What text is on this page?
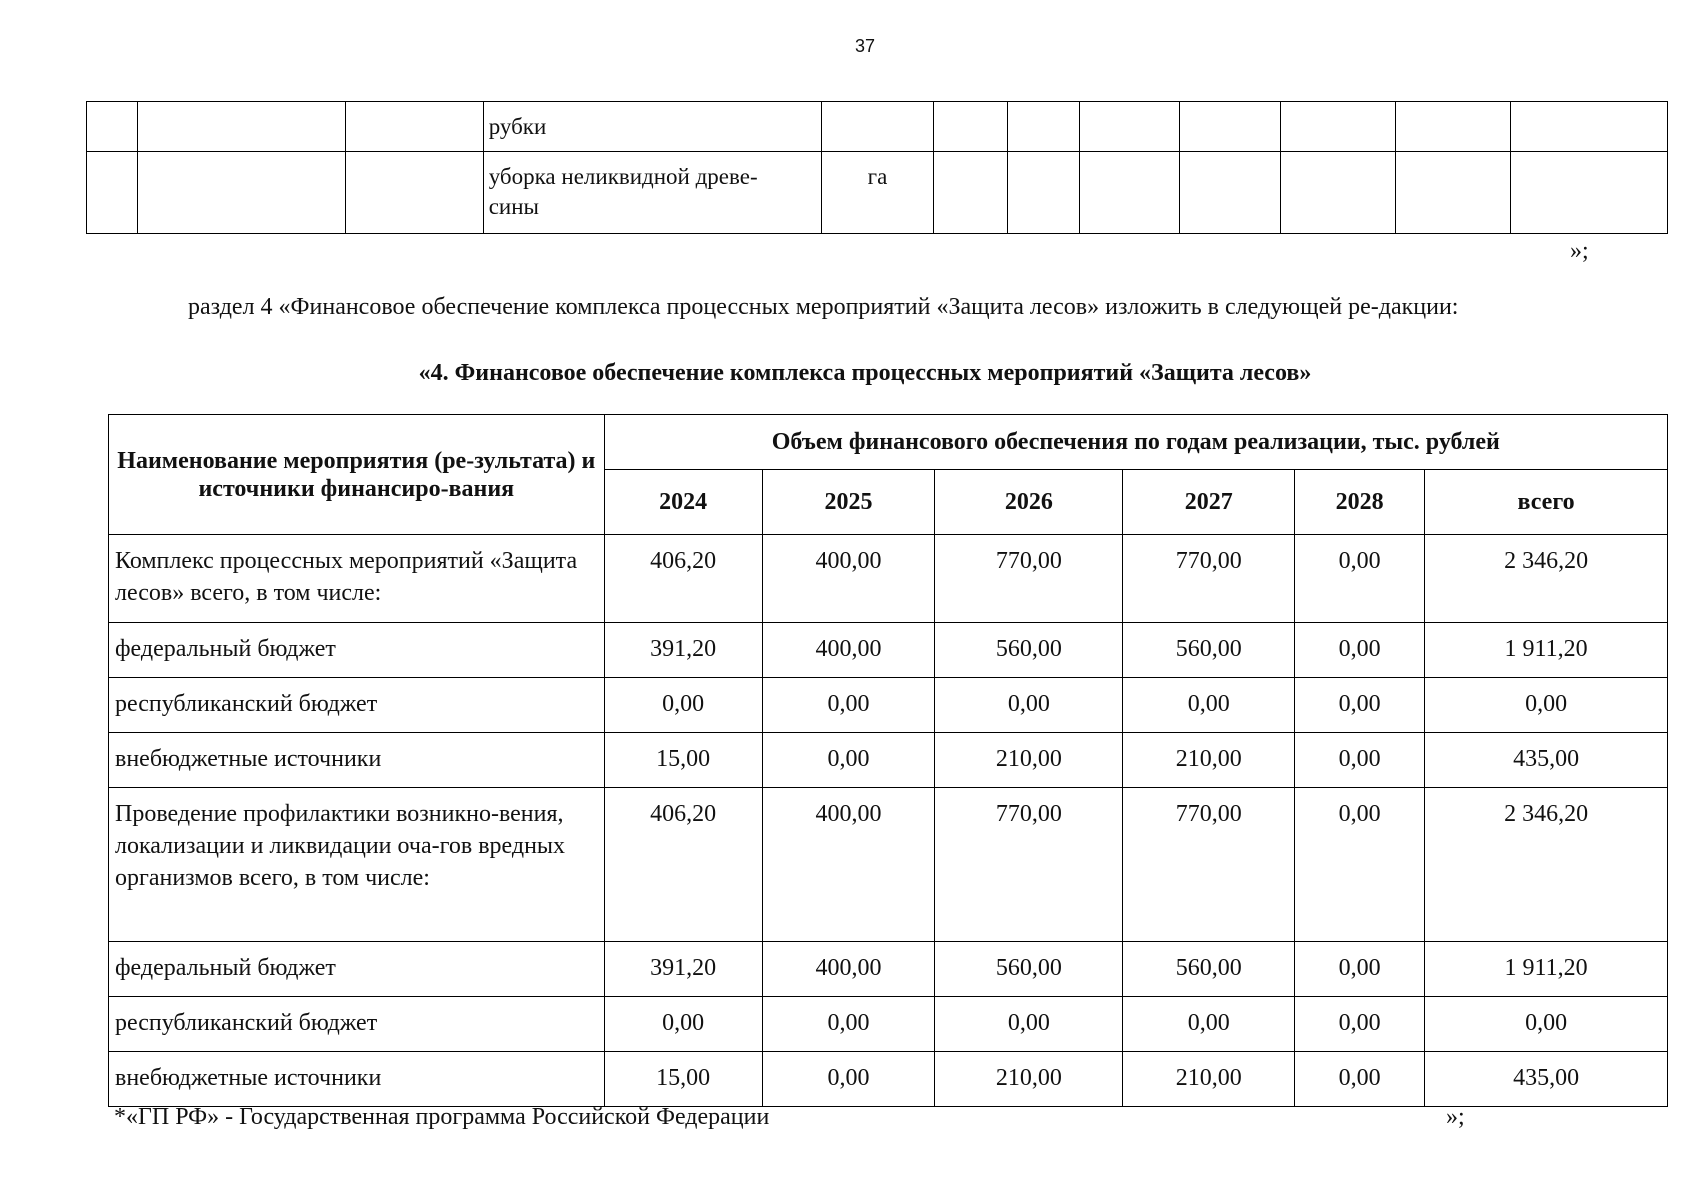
37
			рубки								
			уборка неликвидной древе-
сины	га							
»;
раздел 4 «Финансовое обеспечение комплекса процессных мероприятий «Защита лесов» изложить в следующей ре-дакции:
«4. Финансовое обеспечение комплекса процессных мероприятий «Защита лесов»
Наименование мероприятия (ре-зультата) и источники финансиро-вания	Объем финансового обеспечения по годам реализации, тыс. рублей					
	2024	2025	2026	2027	2028	всего
Комплекс процессных мероприятий «Защита лесов» всего, в том числе:	406,20	400,00	770,00	770,00	0,00	2 346,20
федеральный бюджет	391,20	400,00	560,00	560,00	0,00	1 911,20
республиканский бюджет	0,00	0,00	0,00	0,00	0,00	0,00
внебюджетные источники	15,00	0,00	210,00	210,00	0,00	435,00
Проведение профилактики возникно-вения, локализации и ликвидации оча-гов вредных организмов всего, в том числе:	406,20	400,00	770,00	770,00	0,00	2 346,20
федеральный бюджет	391,20	400,00	560,00	560,00	0,00	1 911,20
республиканский бюджет	0,00	0,00	0,00	0,00	0,00	0,00
внебюджетные источники	15,00	0,00	210,00	210,00	0,00	435,00
*«ГП РФ» - Государственная программа Российской Федерации	»;
